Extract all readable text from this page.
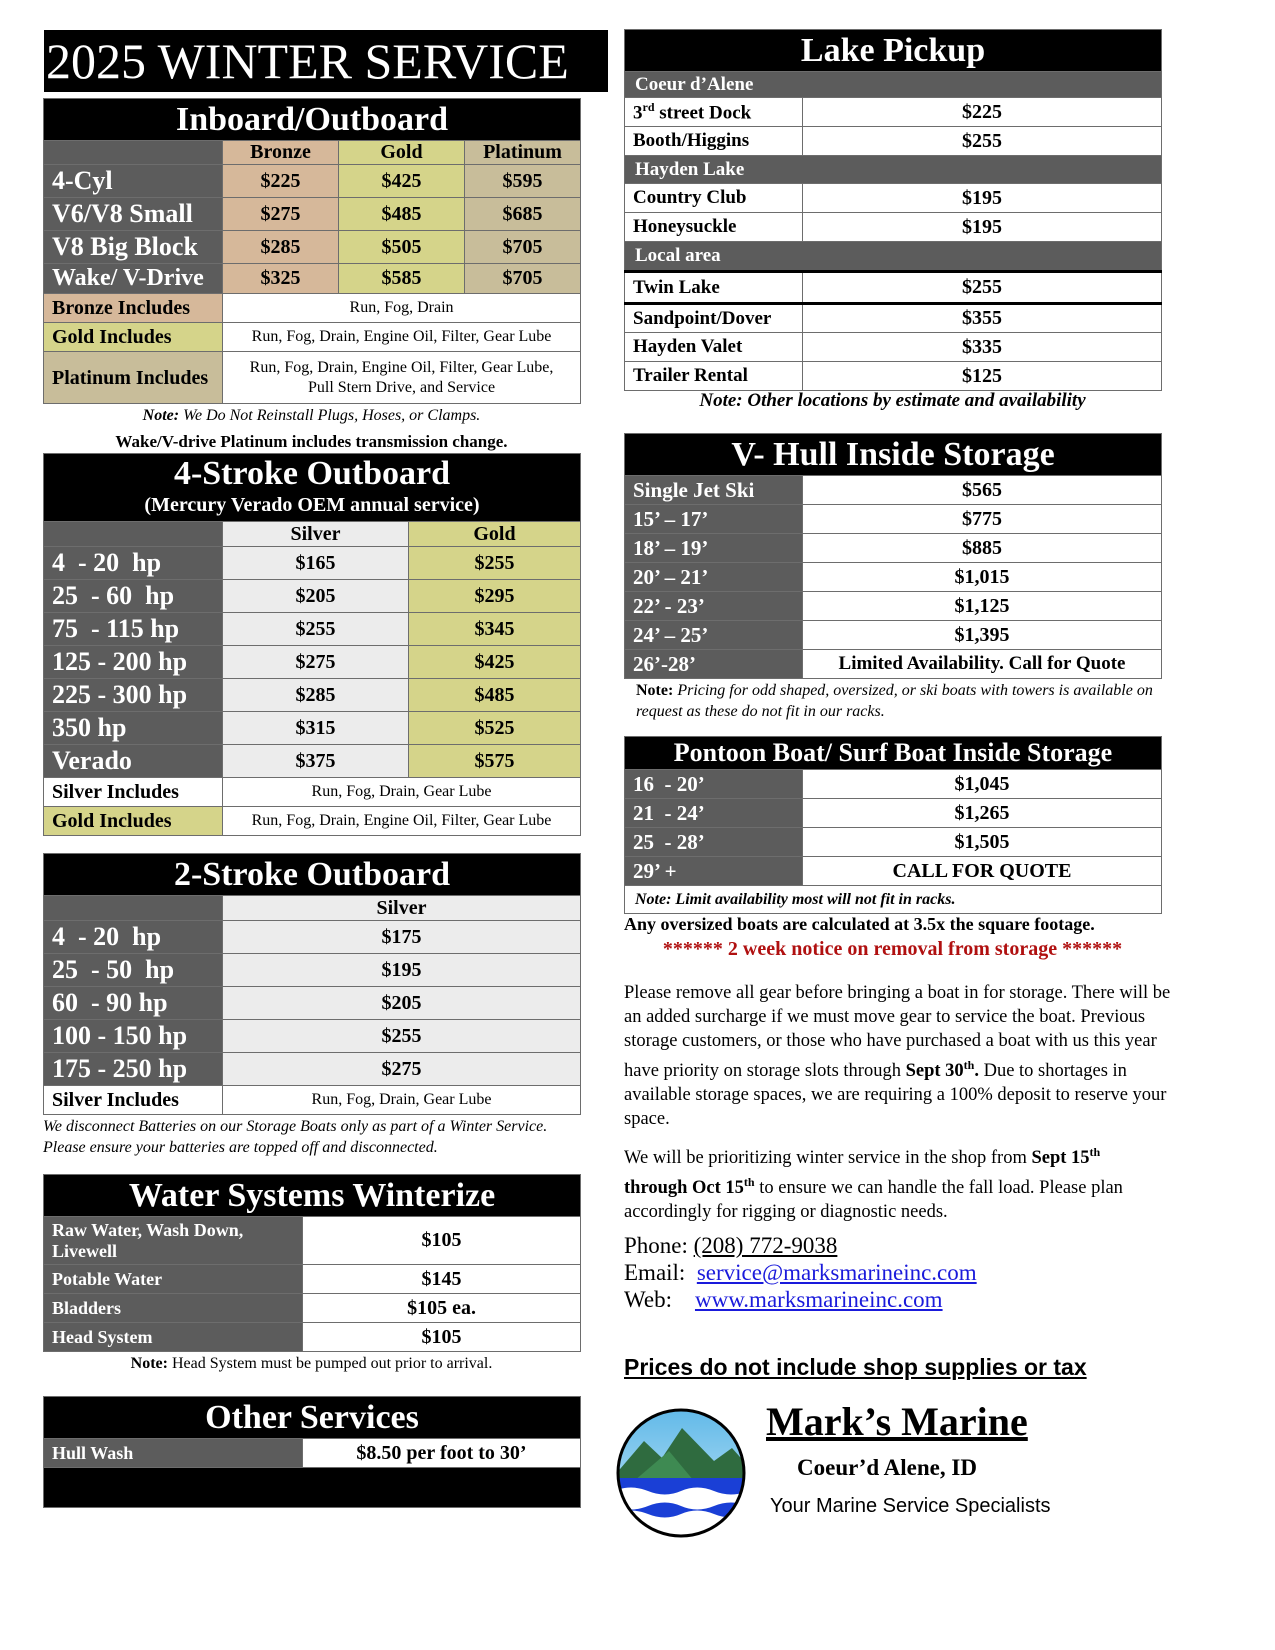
2025 WINTER SERVICE
Inboard/Outboard			
	Bronze	Gold	Platinum
4-Cyl	$225	$425	$595
V6/V8 Small	$275	$485	$685
V8 Big Block	$285	$505	$705
Wake/ V-Drive	$325	$585	$705
Bronze Includes	Run, Fog, Drain		
Gold Includes	Run, Fog, Drain, Engine Oil, Filter, Gear Lube		
Platinum Includes	Run, Fog, Drain, Engine Oil, Filter, Gear Lube, Pull Stern Drive, and Service		
Note: We Do Not Reinstall Plugs, Hoses, or Clamps.
Wake/V-drive Platinum includes transmission change.
4-Stroke Outboard		
(Mercury Verado OEM annual service)		
	Silver	Gold
4  - 20  hp	$165	$255
25  - 60  hp	$205	$295
75  - 115 hp	$255	$345
125 - 200 hp	$275	$425
225 - 300 hp	$285	$485
350 hp	$315	$525
Verado	$375	$575
Silver Includes	Run, Fog, Drain, Gear Lube	
Gold Includes	Run, Fog, Drain, Engine Oil, Filter, Gear Lube	
2-Stroke Outboard	
	Silver
4  - 20  hp	$175
25  - 50  hp	$195
60  - 90 hp	$205
100 - 150 hp	$255
175 - 250 hp	$275
Silver Includes	Run, Fog, Drain, Gear Lube
We disconnect Batteries on our Storage Boats only as part of a Winter Service. Please ensure your batteries are topped off and disconnected.
Water Systems Winterize	
Raw Water, Wash Down, Livewell	$105
Potable Water	$145
Bladders	$105 ea.
Head System	$105
Note: Head System must be pumped out prior to arrival.
Other Services
Hull Wash	$8.50 per foot to 30’

Lake Pickup	
Coeur d’Alene	
3rd street Dock	$225
Booth/Higgins	$255
Hayden Lake	
Country Club	$195
Honeysuckle	$195
Local area	
Twin Lake	$255
Sandpoint/Dover	$355
Hayden Valet	$335
Trailer Rental	$125
Note: Other locations by estimate and availability
V- Hull Inside Storage	
Single Jet Ski	$565
15’ – 17’	$775
18’ – 19’	$885
20’ – 21’	$1,015
22’ - 23’	$1,125
24’ – 25’	$1,395
26’-28’	Limited Availability. Call for Quote
Note: Pricing for odd shaped, oversized, or ski boats with towers is available on request as these do not fit in our racks.
Pontoon Boat/ Surf Boat Inside Storage	
16  - 20’	$1,045
21  - 24’	$1,265
25  - 28’	$1,505
29’ +	CALL FOR QUOTE
Note: Limit availability most will not fit in racks.	
Any oversized boats are calculated at 3.5x the square footage.
****** 2 week notice on removal from storage ******
Please remove all gear before bringing a boat in for storage. There will be an added surcharge if we must move gear to service the boat. Previous storage customers, or those who have purchased a boat with us this year have priority on storage slots through Sept 30th. Due to shortages in available storage spaces, we are requiring a 100% deposit to reserve your space.
We will be prioritizing winter service in the shop from Sept 15th
through Oct 15th to ensure we can handle the fall load. Please plan accordingly for rigging or diagnostic needs.
Phone: (208) 772-9038
Email: service@marksmarineinc.com
Web: www.marksmarineinc.com
Prices do not include shop supplies or tax
Mark’s Marine
Coeur’d Alene, ID
Your Marine Service Specialists
